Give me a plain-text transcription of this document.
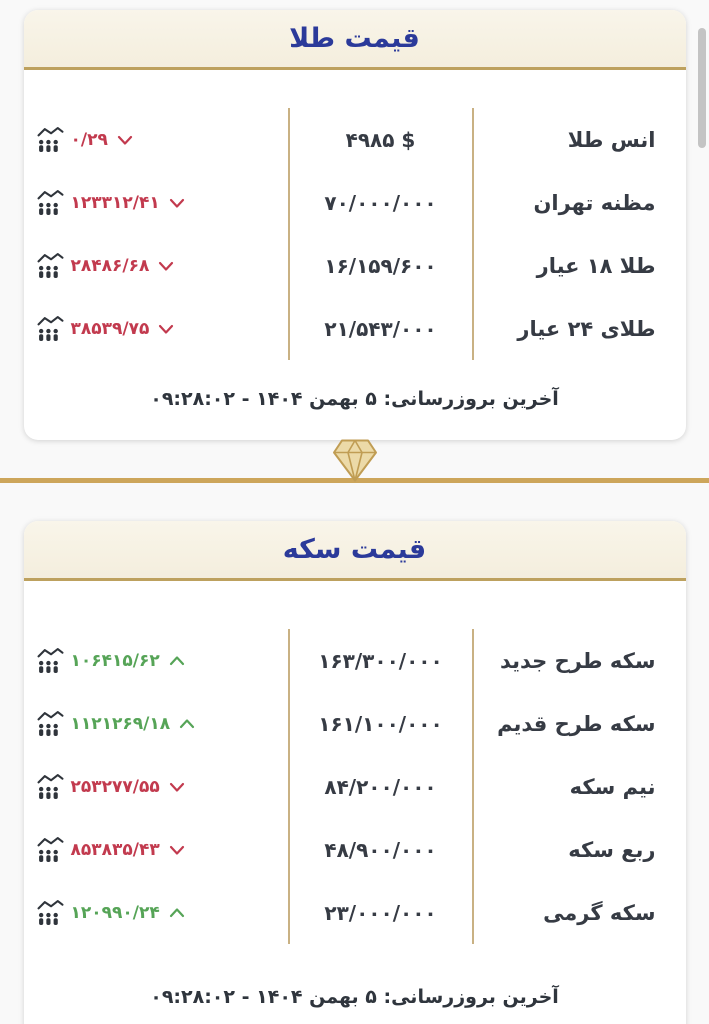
قیمت طلا
انس طلا
مظنه تهران
طلا ۱۸ عیار
طلای ۲۴ عیار
۴۹۸۵ $
۷۰/۰۰۰/۰۰۰
۱۶/۱۵۹/۶۰۰
۲۱/۵۴۳/۰۰۰
۰/۲۹
۱۲۳۳۱۲/۴۱
۲۸۴۸۶/۶۸
۳۸۵۳۹/۷۵
آخرین بروزرسانی: ۵ بهمن ۱۴۰۴ - ۰۹:۲۸:۰۲
قیمت سکه
سکه طرح جدید
سکه طرح قدیم
نیم سکه
ربع سکه
سکه گرمی
۱۶۳/۳۰۰/۰۰۰
۱۶۱/۱۰۰/۰۰۰
۸۴/۲۰۰/۰۰۰
۴۸/۹۰۰/۰۰۰
۲۳/۰۰۰/۰۰۰
۱۰۶۴۱۵/۶۲
۱۱۲۱۲۶۹/۱۸
۲۵۳۲۷۷/۵۵
۸۵۳۸۳۵/۴۳
۱۲۰۹۹۰/۲۴
آخرین بروزرسانی: ۵ بهمن ۱۴۰۴ - ۰۹:۲۸:۰۲
